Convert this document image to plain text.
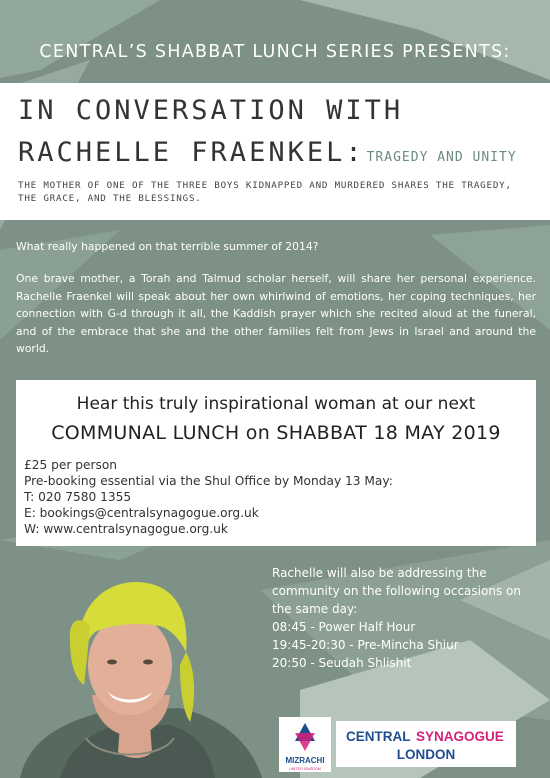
CENTRAL’S SHABBAT LUNCH SERIES PRESENTS:
IN CONVERSATION WITH
RACHELLE FRAENKEL: TRAGEDY AND UNITY
THE MOTHER OF ONE OF THE THREE BOYS KIDNAPPED AND MURDERED SHARES THE TRAGEDY, THE GRACE, AND THE BLESSINGS.
What really happened on that terrible summer of 2014?
One brave mother, a Torah and Talmud scholar herself, will share her personal experience. Rachelle Fraenkel will speak about her own whirlwind of emotions, her coping techniques, her connection with G-d through it all, the Kaddish prayer which she recited aloud at the funeral, and of the embrace that she and the other families felt from Jews in Israel and around the world.
Hear this truly inspirational woman at our next
COMMUNAL LUNCH on SHABBAT 18 MAY 2019
£25 per person
Pre-booking essential via the Shul Office by Monday 13 May:
T: 020 7580 1355
E: bookings@centralsynagogue.org.uk
W: www.centralsynagogue.org.uk
Rachelle will also be addressing the community on the following occasions on the same day:
08:45 - Power Half Hour
19:45-20:30 - Pre-Mincha Shiur
20:50 - Seudah Shlishit
MIZRACHI
UNITED KINGDOM
CENTRAL SYNAGOGUE
LONDON
